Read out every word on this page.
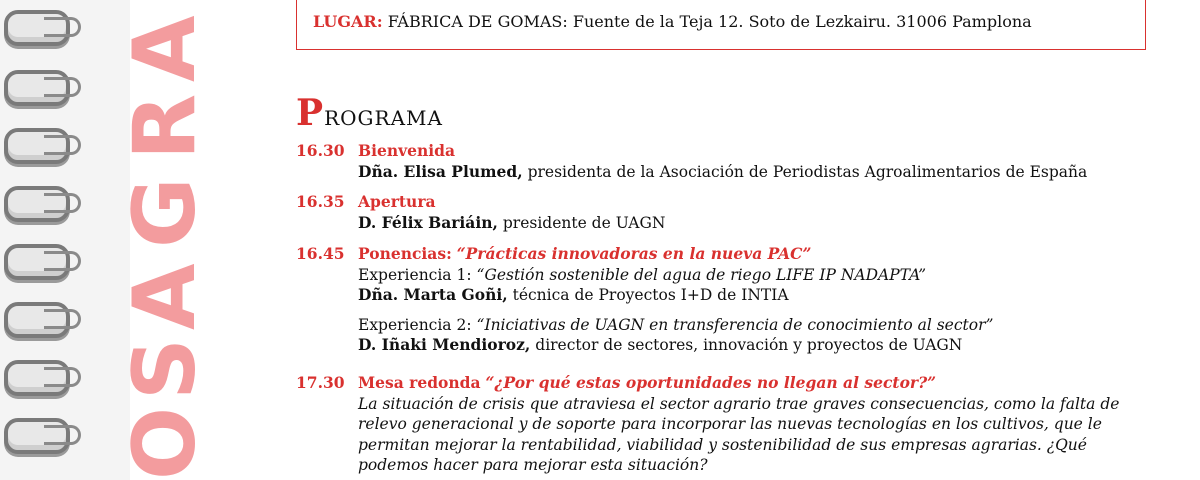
O
S
A
G
R
A	LUGAR: FÁBRICA DE GOMAS: Fuente de la Teja 12. Soto de Lezkairu. 31006 Pamplona
Programa
16.30 Bienvenida
Dña. Elisa Plumed, presidenta de la Asociación de Periodistas Agroalimentarios de España
16.35 Apertura
D. Félix Bariáin, presidente de UAGN
16.45 Ponencias: “Prácticas innovadoras en la nueva PAC”
Experiencia 1: “Gestión sostenible del agua de riego LIFE IP NADAPTA”
Dña. Marta Goñi, técnica de Proyectos I+D de INTIA
Experiencia 2: “Iniciativas de UAGN en transferencia de conocimiento al sector”
D. Iñaki Mendioroz, director de sectores, innovación y proyectos de UAGN
17.30 Mesa redonda “¿Por qué estas oportunidades no llegan al sector?”
La situación de crisis que atraviesa el sector agrario trae graves consecuencias, como la falta de relevo generacional y de soporte para incorporar las nuevas tecnologías en los cultivos, que le permitan mejorar la rentabilidad, viabilidad y sostenibilidad de sus empresas agrarias. ¿Qué podemos hacer para mejorar esta situación?
